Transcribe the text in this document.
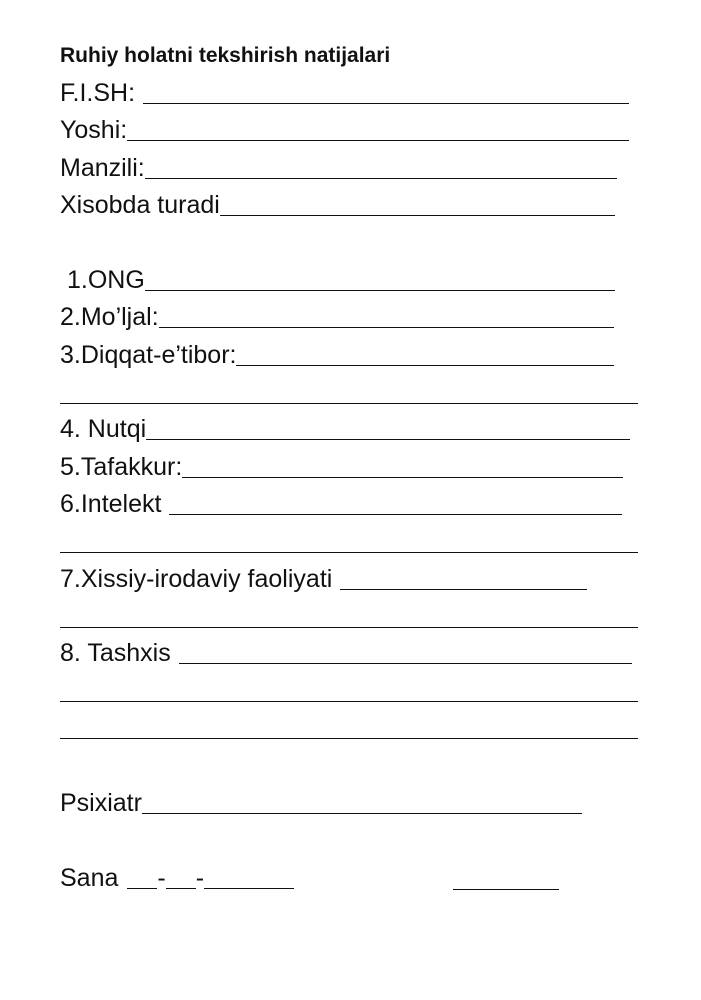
Ruhiy holatni tekshirish natijalari
F.I.SH:
Yoshi:
Manzili:
Xisobda turadi
1.ONG
2.Mo’ljal:
3.Diqqat-e’tibor:
4. Nutqi
5.Tafakkur:
6.Intelekt
7.Xissiy-irodaviy faoliyati
8. Tashxis
Psixiatr
Sana - -
